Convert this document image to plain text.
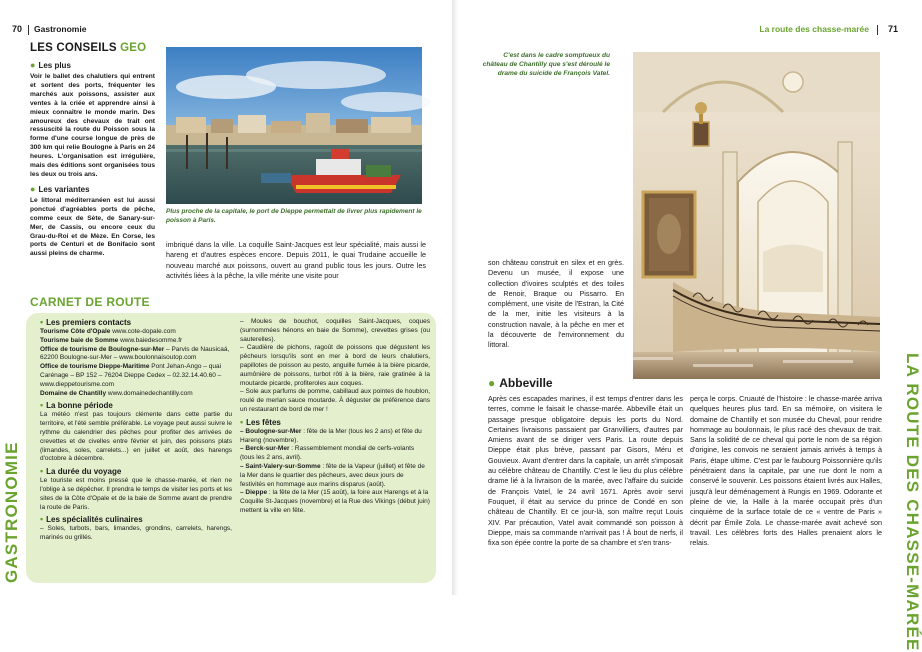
70 Gastronomie
LES CONSEILS GEO

● Les plus

Voir le ballet des chalutiers qui entrent et sortent des ports, fréquenter les marchés aux poissons, assister aux ventes à la criée et apprendre ainsi à mieux connaître le monde marin. Des amoureux des chevaux de trait ont ressuscité la route du Poisson sous la forme d'une course longue de près de 300 km qui relie Boulogne à Paris en 24 heures. L'organisation est irrégulière, mais des éditions sont organisées tous les deux ou trois ans.

● Les variantes

Le littoral méditerranéen est lui aussi ponctué d'agréables ports de pêche, comme ceux de Sète, de Sanary-sur-Mer, de Cassis, ou encore ceux du Grau-du-Roi et de Mèze. En Corse, les ports de Centuri et de Bonifacio sont aussi pleins de charme.

Plus proche de la capitale, le port de Dieppe permettait de livrer plus rapidement le poisson à Paris.
imbriqué dans la ville. La coquille Saint-Jacques est leur spécialité, mais aussi le hareng et d'autres espèces encore. Depuis 2011, le quai Trudaine accueille le nouveau marché aux poissons, ouvert au grand public tous les jours. Outre les activités liées à la pêche, la ville mérite une visite pour
CARNET DE ROUTE

• Les premiers contacts

Tourisme Côte d'Opale www.cote-dopale.com

Tourisme baie de Somme www.baiedesomme.fr

Office de tourisme de Boulogne-sur-Mer – Parvis de Nausicaá, 62200 Boulogne-sur-Mer – www.boulonnaisoutop.com

Office de tourisme Dieppe-Maritime Pont Jehan-Ango – quai Carénage – BP 152 – 76204 Dieppe Cedex – 02.32.14.40.60 – www.dieppetourisme.com

Domaine de Chantilly www.domainedechantilly.com

• La bonne période

La météo n'est pas toujours clémente dans cette partie du territoire, et l'été semble préférable. Le voyage peut aussi suivre le rythme du calendrier des pêches pour profiter des arrivées de crevettes et de civelles entre février et juin, des poissons plats (limandes, soles, carrelets...) en juillet et août, des harengs d'octobre à décembre.

• La durée du voyage

Le touriste est moins pressé que le chasse-marée, et rien ne l'oblige à se dépêcher. Il prendra le temps de visiter les ports et les sites de la Côte d'Opale et de la baie de Somme avant de prendre la route de Paris.

• Les spécialités culinaires

– Soles, turbots, bars, limandes, grondins, carrelets, harengs, marinés ou grillés.

– Moules de bouchot, coquilles Saint-Jacques, coques (surnommées hénons en baie de Somme), crevettes grises (ou sauterelles).

– Caudière de pichons, ragoût de poissons que dégustent les pêcheurs lorsqu'ils sont en mer à bord de leurs chalutiers, papillotes de poisson au pesto, anguille fumée à la bière picarde, aumônière de poissons, turbot rôti à la bière, raie gratinée à la moutarde picarde, profiteroles aux coques.

– Sole aux parfums de pomme, cabillaud aux pointes de houblon, roulé de merlan sauce moutarde. À déguster de préférence dans un restaurant de bord de mer !

• Les fêtes

– Boulogne-sur-Mer : fête de la Mer (tous les 2 ans) et fête du Hareng (novembre).

– Berck-sur-Mer : Rassemblement mondial de cerfs-volants (tous les 2 ans, avril).

– Saint-Valery-sur-Somme : fête de la Vapeur (juillet) et fête de la Mer dans le quartier des pêcheurs, avec deux jours de festivités en hommage aux marins disparus (août).

– Dieppe : la fête de la Mer (15 août), la foire aux Harengs et à la Coquille St-Jacques (novembre) et la Rue des Vikings (début juin) mettent la ville en fête.

GASTRONOMIE
La route des chasse-marée 71
C'est dans le cadre somptueux du château de Chantilly que s'est déroulé le drame du suicide de François Vatel.
son château construit en silex et en grès. Devenu un musée, il expose une collection d'ivoires sculptés et des toiles de Renoir, Braque ou Pissarro. En complément, une visite de l'Estran, la Cité de la mer, initie les visiteurs à la construction navale, à la pêche en mer et la découverte de l'environnement du littoral.
● Abbeville
Après ces escapades marines, il est temps d'entrer dans les terres, comme le faisait le chasse-marée. Abbeville était un passage presque obligatoire depuis les ports du Nord. Certaines livraisons passaient par Granvilliers, d'autres par Amiens avant de se diriger vers Paris. La route depuis Dieppe était plus brève, passant par Gisors, Méru et Gouvieux. Avant d'entrer dans la capitale, un arrêt s'imposait au célèbre château de Chantilly. C'est le lieu du plus célèbre drame lié à la livraison de la marée, avec l'affaire du suicide de François Vatel, le 24 avril 1671. Après avoir servi Fouquet, il était au service du prince de Condé en son château de Chantilly. Et ce jour-là, son maître reçut Louis XIV. Par précaution, Vatel avait commandé son poisson à Dieppe, mais sa commande n'arrivait pas ! À bout de nerfs, il fixa son épée contre la porte de sa chambre et s'en trans-
perça le corps. Cruauté de l'histoire : le chasse-marée arriva quelques heures plus tard. En sa mémoire, on visitera le domaine de Chantilly et son musée du Cheval, pour rendre hommage au boulonnais, le plus racé des chevaux de trait. Sans la solidité de ce cheval qui porte le nom de sa région d'origine, les convois ne seraient jamais arrivés à temps à Paris, étape ultime. C'est par le faubourg Poissonnière qu'ils pénétraient dans la capitale, par une rue dont le nom a conservé le souvenir. Les poissons étaient livrés aux Halles, jusqu'à leur déménagement à Rungis en 1969. Odorante et pleine de vie, la Halle à la marée occupait près d'un cinquième de la surface totale de ce « ventre de Paris » décrit par Émile Zola. Le chasse-marée avait achevé son travail. Les célèbres forts des Halles prenaient alors le relais.	LA ROUTE DES CHASSE-MARÉE
